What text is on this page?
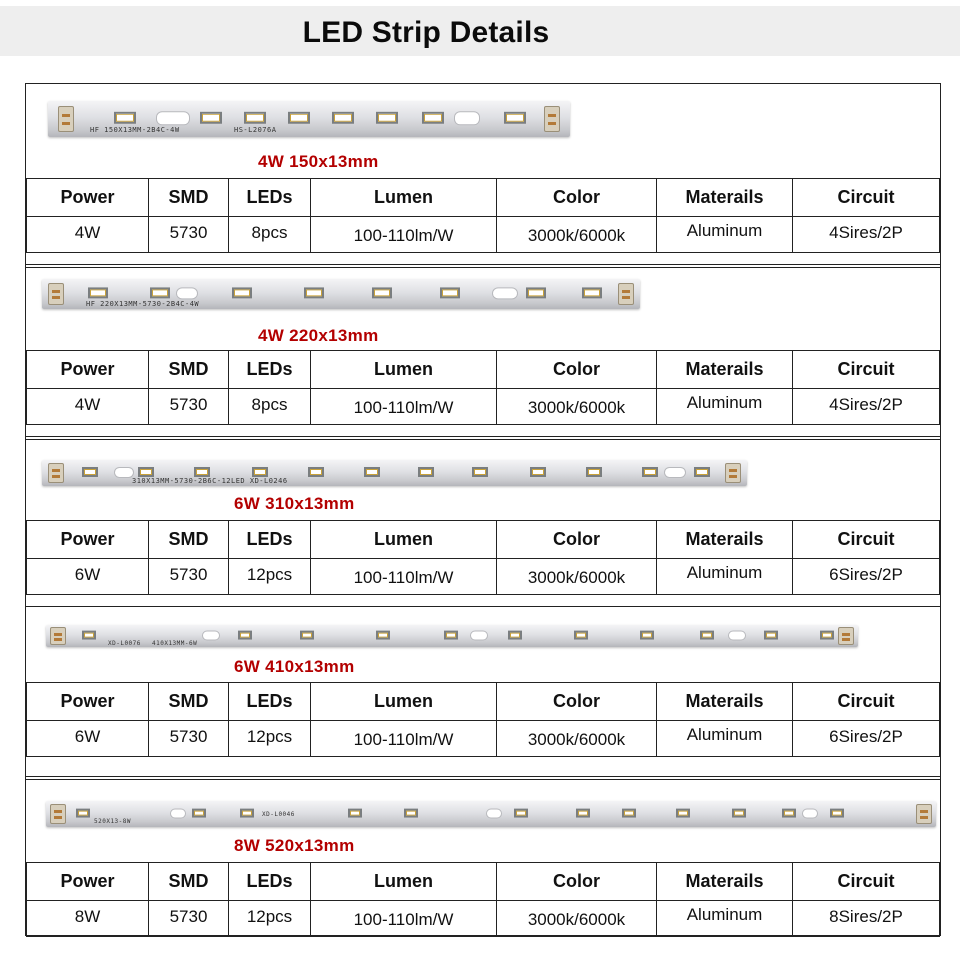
LED Strip Details
HF 150X13MM-2B4C-4W	HS-L2076A
4W 150x13mm
Power	SMD	LEDs	Lumen	Color	Materails	Circuit
4W	5730	8pcs	100-110lm/W	3000k/6000k	Aluminum	4Sires/2P
HF 220X13MM-5730-2B4C-4W
4W 220x13mm
Power	SMD	LEDs	Lumen	Color	Materails	Circuit
4W	5730	8pcs	100-110lm/W	3000k/6000k	Aluminum	4Sires/2P
310X13MM-5730-2B6C-12LED XD-L0246
6W 310x13mm
Power	SMD	LEDs	Lumen	Color	Materails	Circuit
6W	5730	12pcs	100-110lm/W	3000k/6000k	Aluminum	6Sires/2P
XD-L0076 410X13MM-6W
6W 410x13mm
Power	SMD	LEDs	Lumen	Color	Materails	Circuit
6W	5730	12pcs	100-110lm/W	3000k/6000k	Aluminum	6Sires/2P
XD-L0046
520X13-8W
8W 520x13mm
Power	SMD	LEDs	Lumen	Color	Materails	Circuit
8W	5730	12pcs	100-110lm/W	3000k/6000k	Aluminum	8Sires/2P
